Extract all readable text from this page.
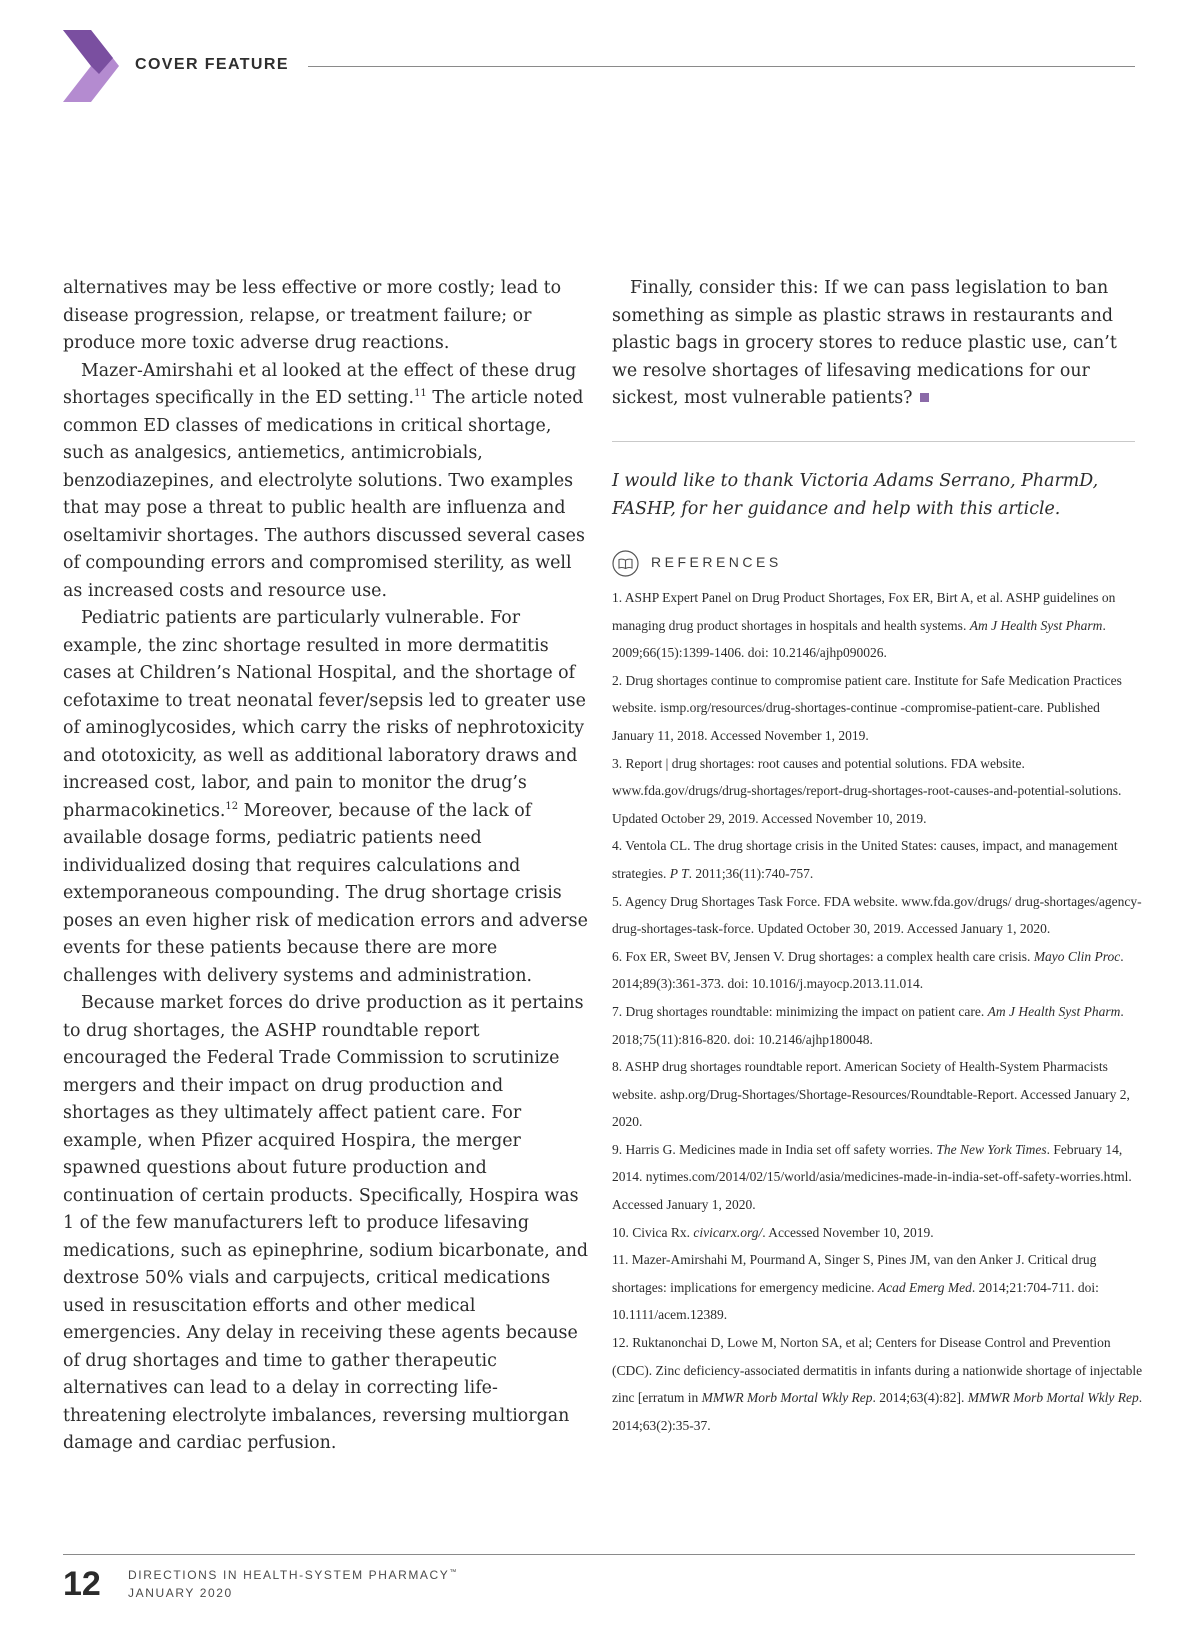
COVER FEATURE

alternatives may be less effective or more costly; lead to disease progression, relapse, or treatment failure; or produce more toxic adverse drug reactions.

Mazer-Amirshahi et al looked at the effect of these drug shortages specifically in the ED setting.$^{11}$ The article noted common ED classes of medications in critical shortage, such as analgesics, antiemetics, antimicrobials, benzodiazepines, and electrolyte solutions. Two examples that may pose a threat to public health are influenza and oseltamivir shortages. The authors discussed several cases of compounding errors and compromised sterility, as well as increased costs and resource use.

Pediatric patients are particularly vulnerable. For example, the zinc shortage resulted in more dermatitis cases at Children’s National Hospital, and the shortage of cefotaxime to treat neonatal fever/sepsis led to greater use of aminoglycosides, which carry the risks of nephrotoxicity and ototoxicity, as well as additional laboratory draws and increased cost, labor, and pain to monitor the drug’s pharmacokinetics.$^{12}$ Moreover, because of the lack of available dosage forms, pediatric patients need individualized dosing that requires calculations and extemporaneous compounding. The drug shortage crisis poses an even higher risk of medication errors and adverse events for these patients because there are more challenges with delivery systems and administration.

Because market forces do drive production as it pertains to drug shortages, the ASHP roundtable report encouraged the Federal Trade Commission to scrutinize mergers and their impact on drug production and shortages as they ultimately affect patient care. For example, when Pfizer acquired Hospira, the merger spawned questions about future production and continuation of certain products. Specifically, Hospira was 1 of the few manufacturers left to produce lifesaving medications, such as epinephrine, sodium bicarbonate, and dextrose 50% vials and carpujects, critical medications used in resuscitation efforts and other medical emergencies. Any delay in receiving these agents because of drug shortages and time to gather therapeutic alternatives can lead to a delay in correcting life-threatening electrolyte imbalances, reversing multiorgan damage and cardiac perfusion.

Finally, consider this: If we can pass legislation to ban something as simple as plastic straws in restaurants and plastic bags in grocery stores to reduce plastic use, can’t we resolve shortages of lifesaving medications for our sickest, most vulnerable patients?

I would like to thank Victoria Adams Serrano, PharmD, FASHP, for her guidance and help with this article.
REFERENCES

1. ASHP Expert Panel on Drug Product Shortages, Fox ER, Birt A, et al. ASHP guidelines on managing drug product shortages in hospitals and health systems. Am J Health Syst Pharm. 2009;66(15):1399-1406. doi: 10.2146/ajhp090026.

2. Drug shortages continue to compromise patient care. Institute for Safe Medication Practices website. ismp.org/resources/drug-shortages-continue -compromise-patient-care. Published January 11, 2018. Accessed November 1, 2019.

3. Report | drug shortages: root causes and potential solutions. FDA website. www.fda.gov/drugs/drug-shortages/report-drug-shortages-root-causes-and-potential-solutions. Updated October 29, 2019. Accessed November 10, 2019.

4. Ventola CL. The drug shortage crisis in the United States: causes, impact, and management strategies. P T. 2011;36(11):740-757.

5. Agency Drug Shortages Task Force. FDA website. www.fda.gov/drugs/ drug-shortages/agency-drug-shortages-task-force. Updated October 30, 2019. Accessed January 1, 2020.

6. Fox ER, Sweet BV, Jensen V. Drug shortages: a complex health care crisis. Mayo Clin Proc. 2014;89(3):361-373. doi: 10.1016/j.mayocp.2013.11.014.

7. Drug shortages roundtable: minimizing the impact on patient care. Am J Health Syst Pharm. 2018;75(11):816-820. doi: 10.2146/ajhp180048.

8. ASHP drug shortages roundtable report. American Society of Health-System Pharmacists website. ashp.org/Drug-Shortages/Shortage-Resources/Roundtable-Report. Accessed January 2, 2020.

9. Harris G. Medicines made in India set off safety worries. The New York Times. February 14, 2014. nytimes.com/2014/02/15/world/asia/medicines-made-in-india-set-off-safety-worries.html. Accessed January 1, 2020.

10. Civica Rx. civicarx.org/. Accessed November 10, 2019.

11. Mazer-Amirshahi M, Pourmand A, Singer S, Pines JM, van den Anker J. Critical drug shortages: implications for emergency medicine. Acad Emerg Med. 2014;21:704-711. doi: 10.1111/acem.12389.

12. Ruktanonchai D, Lowe M, Norton SA, et al; Centers for Disease Control and Prevention (CDC). Zinc deficiency-associated dermatitis in infants during a nationwide shortage of injectable zinc [erratum in MMWR Morb Mortal Wkly Rep. 2014;63(4):82]. MMWR Morb Mortal Wkly Rep. 2014;63(2):35-37.

12 DIRECTIONS IN HEALTH-SYSTEM PHARMACY™
JANUARY 2020
